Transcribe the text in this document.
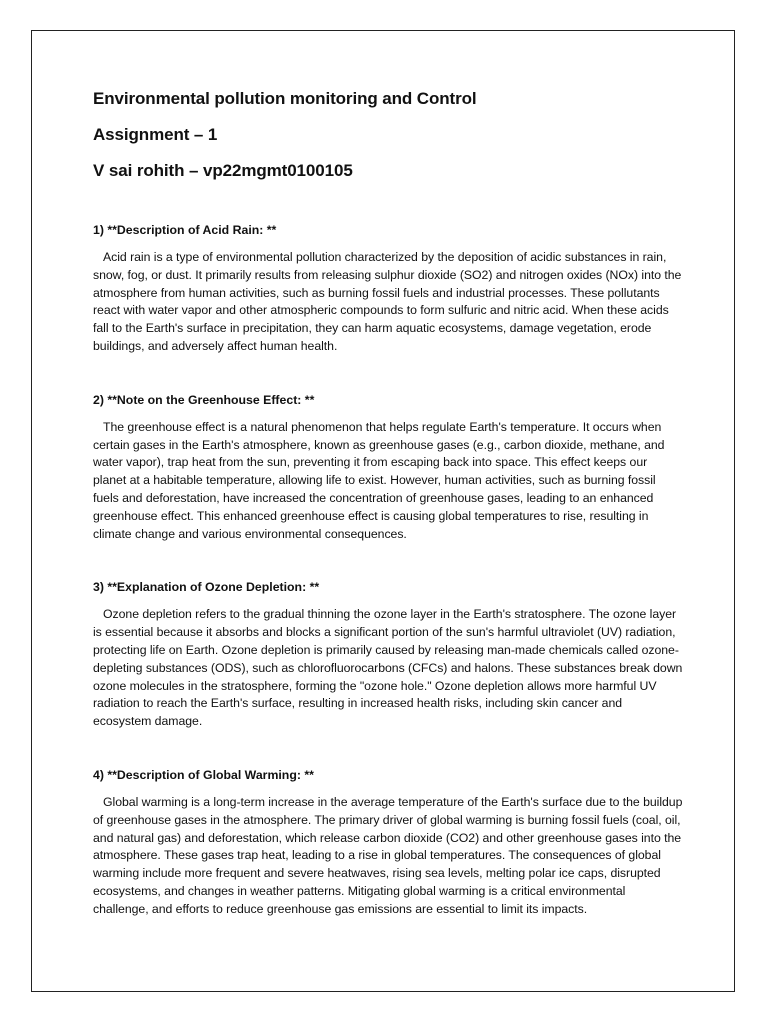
Environmental pollution monitoring and Control

Assignment – 1

V sai rohith – vp22mgmt0100105

1) **Description of Acid Rain: **

Acid rain is a type of environmental pollution characterized by the deposition of acidic substances in rain, snow, fog, or dust. It primarily results from releasing sulphur dioxide (SO2) and nitrogen oxides (NOx) into the atmosphere from human activities, such as burning fossil fuels and industrial processes. These pollutants react with water vapor and other atmospheric compounds to form sulfuric and nitric acid. When these acids fall to the Earth's surface in precipitation, they can harm aquatic ecosystems, damage vegetation, erode buildings, and adversely affect human health.

2) **Note on the Greenhouse Effect: **

The greenhouse effect is a natural phenomenon that helps regulate Earth's temperature. It occurs when certain gases in the Earth's atmosphere, known as greenhouse gases (e.g., carbon dioxide, methane, and water vapor), trap heat from the sun, preventing it from escaping back into space. This effect keeps our planet at a habitable temperature, allowing life to exist. However, human activities, such as burning fossil fuels and deforestation, have increased the concentration of greenhouse gases, leading to an enhanced greenhouse effect. This enhanced greenhouse effect is causing global temperatures to rise, resulting in climate change and various environmental consequences.

3) **Explanation of Ozone Depletion: **

Ozone depletion refers to the gradual thinning the ozone layer in the Earth's stratosphere. The ozone layer is essential because it absorbs and blocks a significant portion of the sun's harmful ultraviolet (UV) radiation, protecting life on Earth. Ozone depletion is primarily caused by releasing man-made chemicals called ozone-depleting substances (ODS), such as chlorofluorocarbons (CFCs) and halons. These substances break down ozone molecules in the stratosphere, forming the "ozone hole." Ozone depletion allows more harmful UV radiation to reach the Earth's surface, resulting in increased health risks, including skin cancer and ecosystem damage.

4) **Description of Global Warming: **

Global warming is a long-term increase in the average temperature of the Earth's surface due to the buildup of greenhouse gases in the atmosphere. The primary driver of global warming is burning fossil fuels (coal, oil, and natural gas) and deforestation, which release carbon dioxide (CO2) and other greenhouse gases into the atmosphere. These gases trap heat, leading to a rise in global temperatures. The consequences of global warming include more frequent and severe heatwaves, rising sea levels, melting polar ice caps, disrupted ecosystems, and changes in weather patterns. Mitigating global warming is a critical environmental challenge, and efforts to reduce greenhouse gas emissions are essential to limit its impacts.
